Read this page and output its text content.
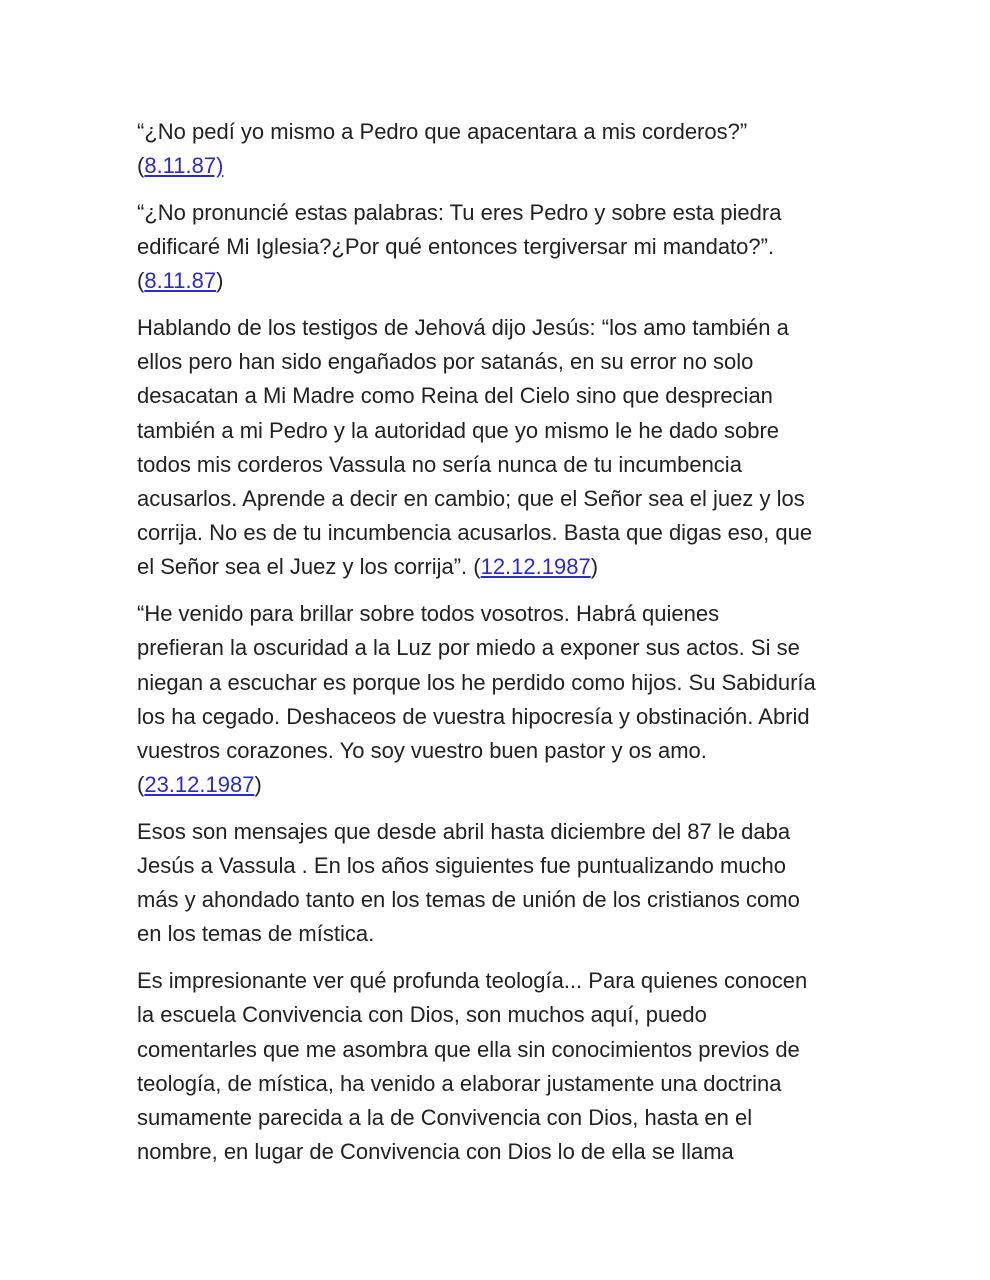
“¿No pedí yo mismo a Pedro que apacentara a mis corderos?”
(8.11.87)

“¿No pronuncié estas palabras: Tu eres Pedro y sobre esta piedra
edificaré Mi Iglesia?¿Por qué entonces tergiversar mi mandato?”.
(8.11.87)

Hablando de los testigos de Jehová dijo Jesús: “los amo también a
ellos pero han sido engañados por satanás, en su error no solo
desacatan a Mi Madre como Reina del Cielo sino que desprecian
también a mi Pedro y la autoridad que yo mismo le he dado sobre
todos mis corderos Vassula no sería nunca de tu incumbencia
acusarlos. Aprende a decir en cambio; que el Señor sea el juez y los
corrija. No es de tu incumbencia acusarlos. Basta que digas eso, que
el Señor sea el Juez y los corrija”. (12.12.1987)

“He venido para brillar sobre todos vosotros. Habrá quienes
prefieran la oscuridad a la Luz por miedo a exponer sus actos. Si se
niegan a escuchar es porque los he perdido como hijos. Su Sabiduría
los ha cegado. Deshaceos de vuestra hipocresía y obstinación. Abrid
vuestros corazones. Yo soy vuestro buen pastor y os amo.
(23.12.1987)

Esos son mensajes que desde abril hasta diciembre del 87 le daba
Jesús a Vassula . En los años siguientes fue puntualizando mucho
más y ahondado tanto en los temas de unión de los cristianos como
en los temas de mística.

Es impresionante ver qué profunda teología... Para quienes conocen
la escuela Convivencia con Dios, son muchos aquí, puedo
comentarles que me asombra que ella sin conocimientos previos de
teología, de mística, ha venido a elaborar justamente una doctrina
sumamente parecida a la de Convivencia con Dios, hasta en el
nombre, en lugar de Convivencia con Dios lo de ella se llama
